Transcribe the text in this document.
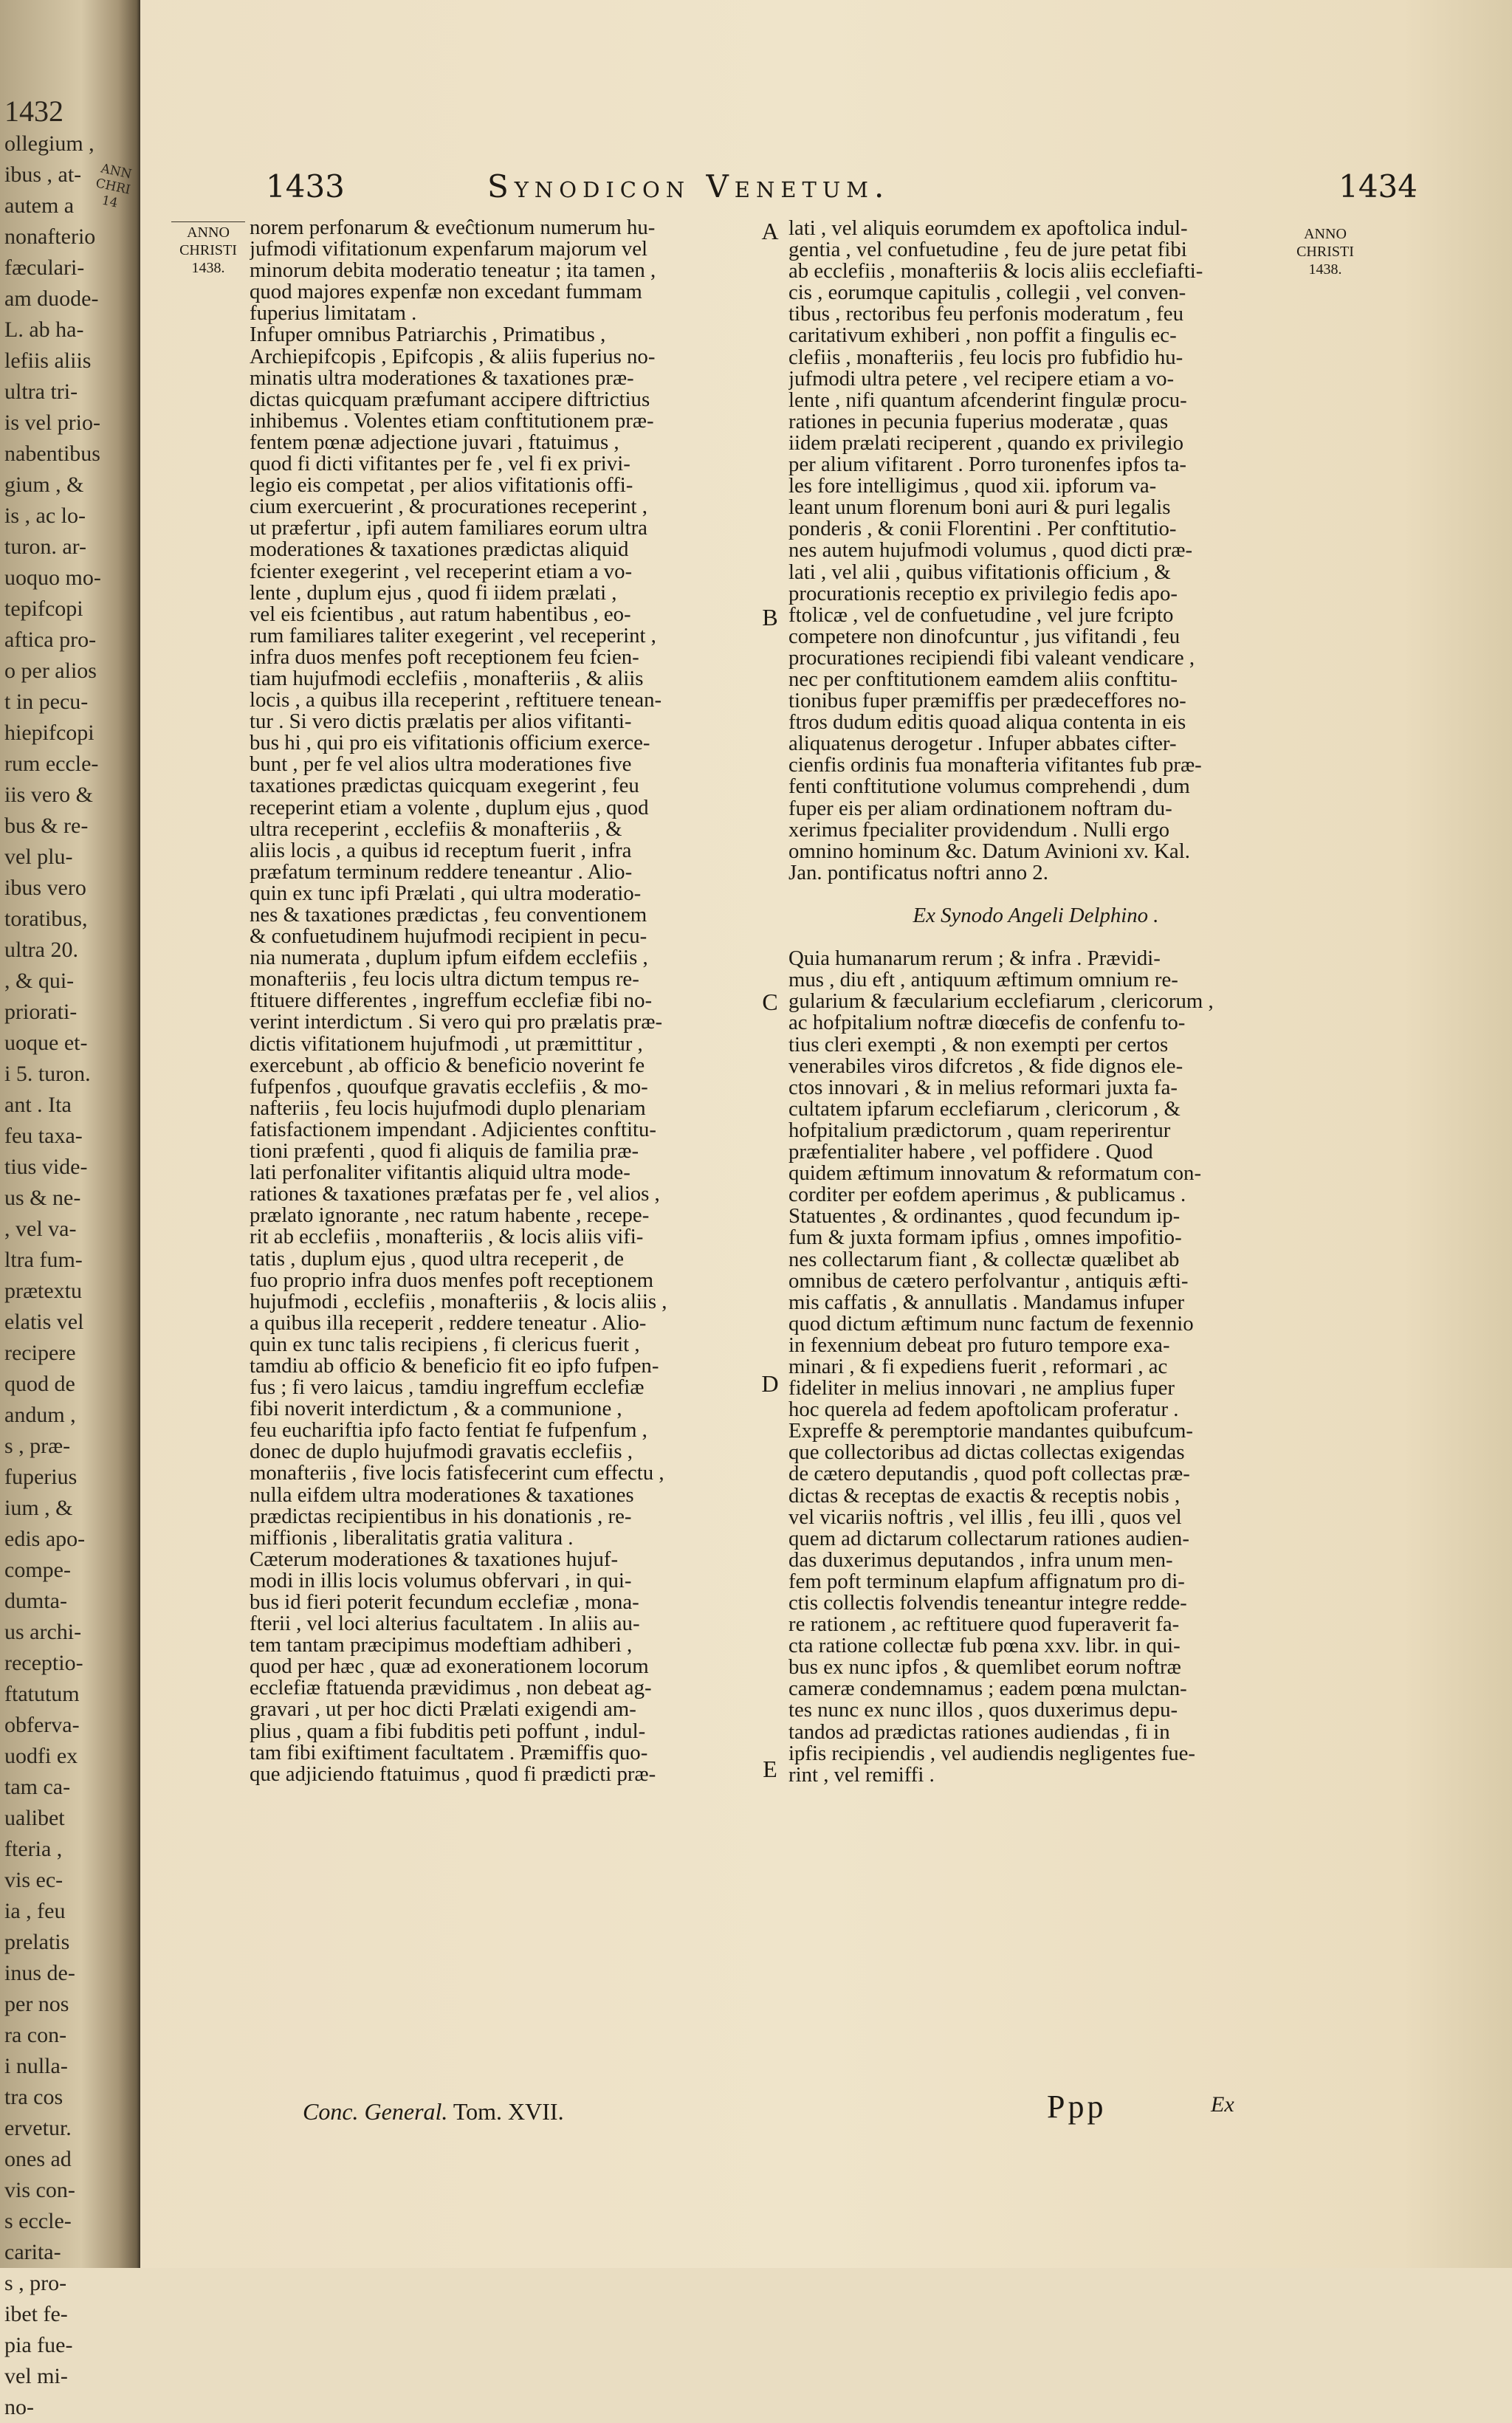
1432
ollegium ,
ibus , at-
autem a
nonafterio
fæculari-
am duode-
L. ab ha-
lefiis aliis
ultra tri-
is vel prio-
nabentibus
gium , &
is , ac lo-
turon. ar-
uoquo mo-
tepifcopi
aftica pro-
o per alios
t in pecu-
hiepifcopi
rum eccle-
iis vero &
bus & re-
vel plu-
ibus vero
toratibus,
ultra 20.
, & qui-
priorati-
uoque et-
i 5. turon.
ant . Ita
feu taxa-
tius vide-
us & ne-
, vel va-
ltra fum-
prætextu
elatis vel
recipere
quod de
andum ,
s , præ-
fuperius
ium , &
edis apo-
compe-
dumta-
us archi-
receptio-
ftatutum
obferva-
uodfi ex
tam ca-
ualibet
fteria ,
vis ec-
ia , feu
prelatis
inus de-
per nos
ra con-
i nulla-
tra cos
ervetur.
ones ad
vis con-
s eccle-
carita-
s , pro-
ibet fe-
pia fue-
vel mi-
no-
ANN
CHRI
14	1433	Synodicon Venetum.	1434
ANNO
CHRISTI
1438.
ANNO
CHRISTI
1438.
norem perfonarum & eveĉtionum numerum hu-
jufmodi vifitationum expenfarum majorum vel
minorum debita moderatio teneatur ; ita tamen ,
quod majores expenfæ non excedant fummam
fuperius limitatam .
Infuper omnibus Patriarchis , Primatibus ,
Archiepifcopis , Epifcopis , & aliis fuperius no-
minatis ultra moderationes & taxationes præ-
dictas quicquam præfumant accipere diftrictius
inhibemus . Volentes etiam conftitutionem præ-
fentem pœnæ adjectione juvari , ftatuimus ,
quod fi dicti vifitantes per fe , vel fi ex privi-
legio eis competat , per alios vifitationis offi-
cium exercuerint , & procurationes receperint ,
ut præfertur , ipfi autem familiares eorum ultra
moderationes & taxationes prædictas aliquid
fcienter exegerint , vel receperint etiam a vo-
lente , duplum ejus , quod fi iidem prælati ,
vel eis fcientibus , aut ratum habentibus , eo-
rum familiares taliter exegerint , vel receperint ,
infra duos menfes poft receptionem feu fcien-
tiam hujufmodi ecclefiis , monafteriis , & aliis
locis , a quibus illa receperint , reftituere tenean-
tur . Si vero dictis prælatis per alios vifitanti-
bus hi , qui pro eis vifitationis officium exerce-
bunt , per fe vel alios ultra moderationes five
taxationes prædictas quicquam exegerint , feu
receperint etiam a volente , duplum ejus , quod
ultra receperint , ecclefiis & monafteriis , &
aliis locis , a quibus id receptum fuerit , infra
præfatum terminum reddere teneantur . Alio-
quin ex tunc ipfi Prælati , qui ultra moderatio-
nes & taxationes prædictas , feu conventionem
& confuetudinem hujufmodi recipient in pecu-
nia numerata , duplum ipfum eifdem ecclefiis ,
monafteriis , feu locis ultra dictum tempus re-
ftituere differentes , ingreffum ecclefiæ fibi no-
verint interdictum . Si vero qui pro prælatis præ-
dictis vifitationem hujufmodi , ut præmittitur ,
exercebunt , ab officio & beneficio noverint fe
fufpenfos , quoufque gravatis ecclefiis , & mo-
nafteriis , feu locis hujufmodi duplo plenariam
fatisfactionem impendant . Adjicientes conftitu-
tioni præfenti , quod fi aliquis de familia præ-
lati perfonaliter vifitantis aliquid ultra mode-
rationes & taxationes præfatas per fe , vel alios ,
prælato ignorante , nec ratum habente , recepe-
rit ab ecclefiis , monafteriis , & locis aliis vifi-
tatis , duplum ejus , quod ultra receperit , de
fuo proprio infra duos menfes poft receptionem
hujufmodi , ecclefiis , monafteriis , & locis aliis ,
a quibus illa receperit , reddere teneatur . Alio-
quin ex tunc talis recipiens , fi clericus fuerit ,
tamdiu ab officio & beneficio fit eo ipfo fufpen-
fus ; fi vero laicus , tamdiu ingreffum ecclefiæ
fibi noverit interdictum , & a communione ,
feu euchariftia ipfo facto fentiat fe fufpenfum ,
donec de duplo hujufmodi gravatis ecclefiis ,
monafteriis , five locis fatisfecerint cum effectu ,
nulla eifdem ultra moderationes & taxationes
prædictas recipientibus in his donationis , re-
miffionis , liberalitatis gratia valitura .
Cæterum moderationes & taxationes hujuf-
modi in illis locis volumus obfervari , in qui-
bus id fieri poterit fecundum ecclefiæ , mona-
fterii , vel loci alterius facultatem . In aliis au-
tem tantam præcipimus modeftiam adhiberi ,
quod per hæc , quæ ad exonerationem locorum
ecclefiæ ftatuenda prævidimus , non debeat ag-
gravari , ut per hoc dicti Prælati exigendi am-
plius , quam a fibi fubditis peti poffunt , indul-
tam fibi exiftiment facultatem . Præmiffis quo-
que adjiciendo ftatuimus , quod fi prædicti præ-
lati , vel aliquis eorumdem ex apoftolica indul-
gentia , vel confuetudine , feu de jure petat fibi
ab ecclefiis , monafteriis & locis aliis ecclefiafti-
cis , eorumque capitulis , collegii , vel conven-
tibus , rectoribus feu perfonis moderatum , feu
caritativum exhiberi , non poffit a fingulis ec-
clefiis , monafteriis , feu locis pro fubfidio hu-
jufmodi ultra petere , vel recipere etiam a vo-
lente , nifi quantum afcenderint fingulæ procu-
rationes in pecunia fuperius moderatæ , quas
iidem prælati reciperent , quando ex privilegio
per alium vifitarent . Porro turonenfes ipfos ta-
les fore intelligimus , quod xii. ipforum va-
leant unum florenum boni auri & puri legalis
ponderis , & conii Florentini . Per conftitutio-
nes autem hujufmodi volumus , quod dicti præ-
lati , vel alii , quibus vifitationis officium , &
procurationis receptio ex privilegio fedis apo-
ftolicæ , vel de confuetudine , vel jure fcripto
competere non dinofcuntur , jus vifitandi , feu
procurationes recipiendi fibi valeant vendicare ,
nec per conftitutionem eamdem aliis conftitu-
tionibus fuper præmiffis per prædeceffores no-
ftros dudum editis quoad aliqua contenta in eis
aliquatenus derogetur . Infuper abbates cifter-
cienfis ordinis fua monafteria vifitantes fub præ-
fenti conftitutione volumus comprehendi , dum
fuper eis per aliam ordinationem noftram du-
xerimus fpecialiter providendum . Nulli ergo
omnino hominum &c. Datum Avinioni xv. Kal.
Jan. pontificatus noftri anno 2.

Ex Synodo Angeli Delphino .

Quia humanarum rerum ; & infra . Prævidi-
mus , diu eft , antiquum æftimum omnium re-
gularium & fæcularium ecclefiarum , clericorum ,
ac hofpitalium noftræ diœcefis de confenfu to-
tius cleri exempti , & non exempti per certos
venerabiles viros difcretos , & fide dignos ele-
ctos innovari , & in melius reformari juxta fa-
cultatem ipfarum ecclefiarum , clericorum , &
hofpitalium prædictorum , quam reperirentur
præfentialiter habere , vel poffidere . Quod
quidem æftimum innovatum & reformatum con-
corditer per eofdem aperimus , & publicamus .
Statuentes , & ordinantes , quod fecundum ip-
fum & juxta formam ipfius , omnes impofitio-
nes collectarum fiant , & collectæ quælibet ab
omnibus de cætero perfolvantur , antiquis æfti-
mis caffatis , & annullatis . Mandamus infuper
quod dictum æftimum nunc factum de fexennio
in fexennium debeat pro futuro tempore exa-
minari , & fi expediens fuerit , reformari , ac
fideliter in melius innovari , ne amplius fuper
hoc querela ad fedem apoftolicam proferatur .
Expreffe & peremptorie mandantes quibufcum-
que collectoribus ad dictas collectas exigendas
de cætero deputandis , quod poft collectas præ-
dictas & receptas de exactis & receptis nobis ,
vel vicariis noftris , vel illis , feu illi , quos vel
quem ad dictarum collectarum rationes audien-
das duxerimus deputandos , infra unum men-
fem poft terminum elapfum affignatum pro di-
ctis collectis folvendis teneantur integre redde-
re rationem , ac reftituere quod fuperaverit fa-
cta ratione collectæ fub pœna xxv. libr. in qui-
bus ex nunc ipfos , & quemlibet eorum noftræ
cameræ condemnamus ; eadem pœna mulctan-
tes nunc ex nunc illos , quos duxerimus depu-
tandos ad prædictas rationes audiendas , fi in
ipfis recipiendis , vel audiendis negligentes fue-
rint , vel remiffi .
A
B
C
D
E
Conc. General. Tom. XVII.	Ppp	Ex
